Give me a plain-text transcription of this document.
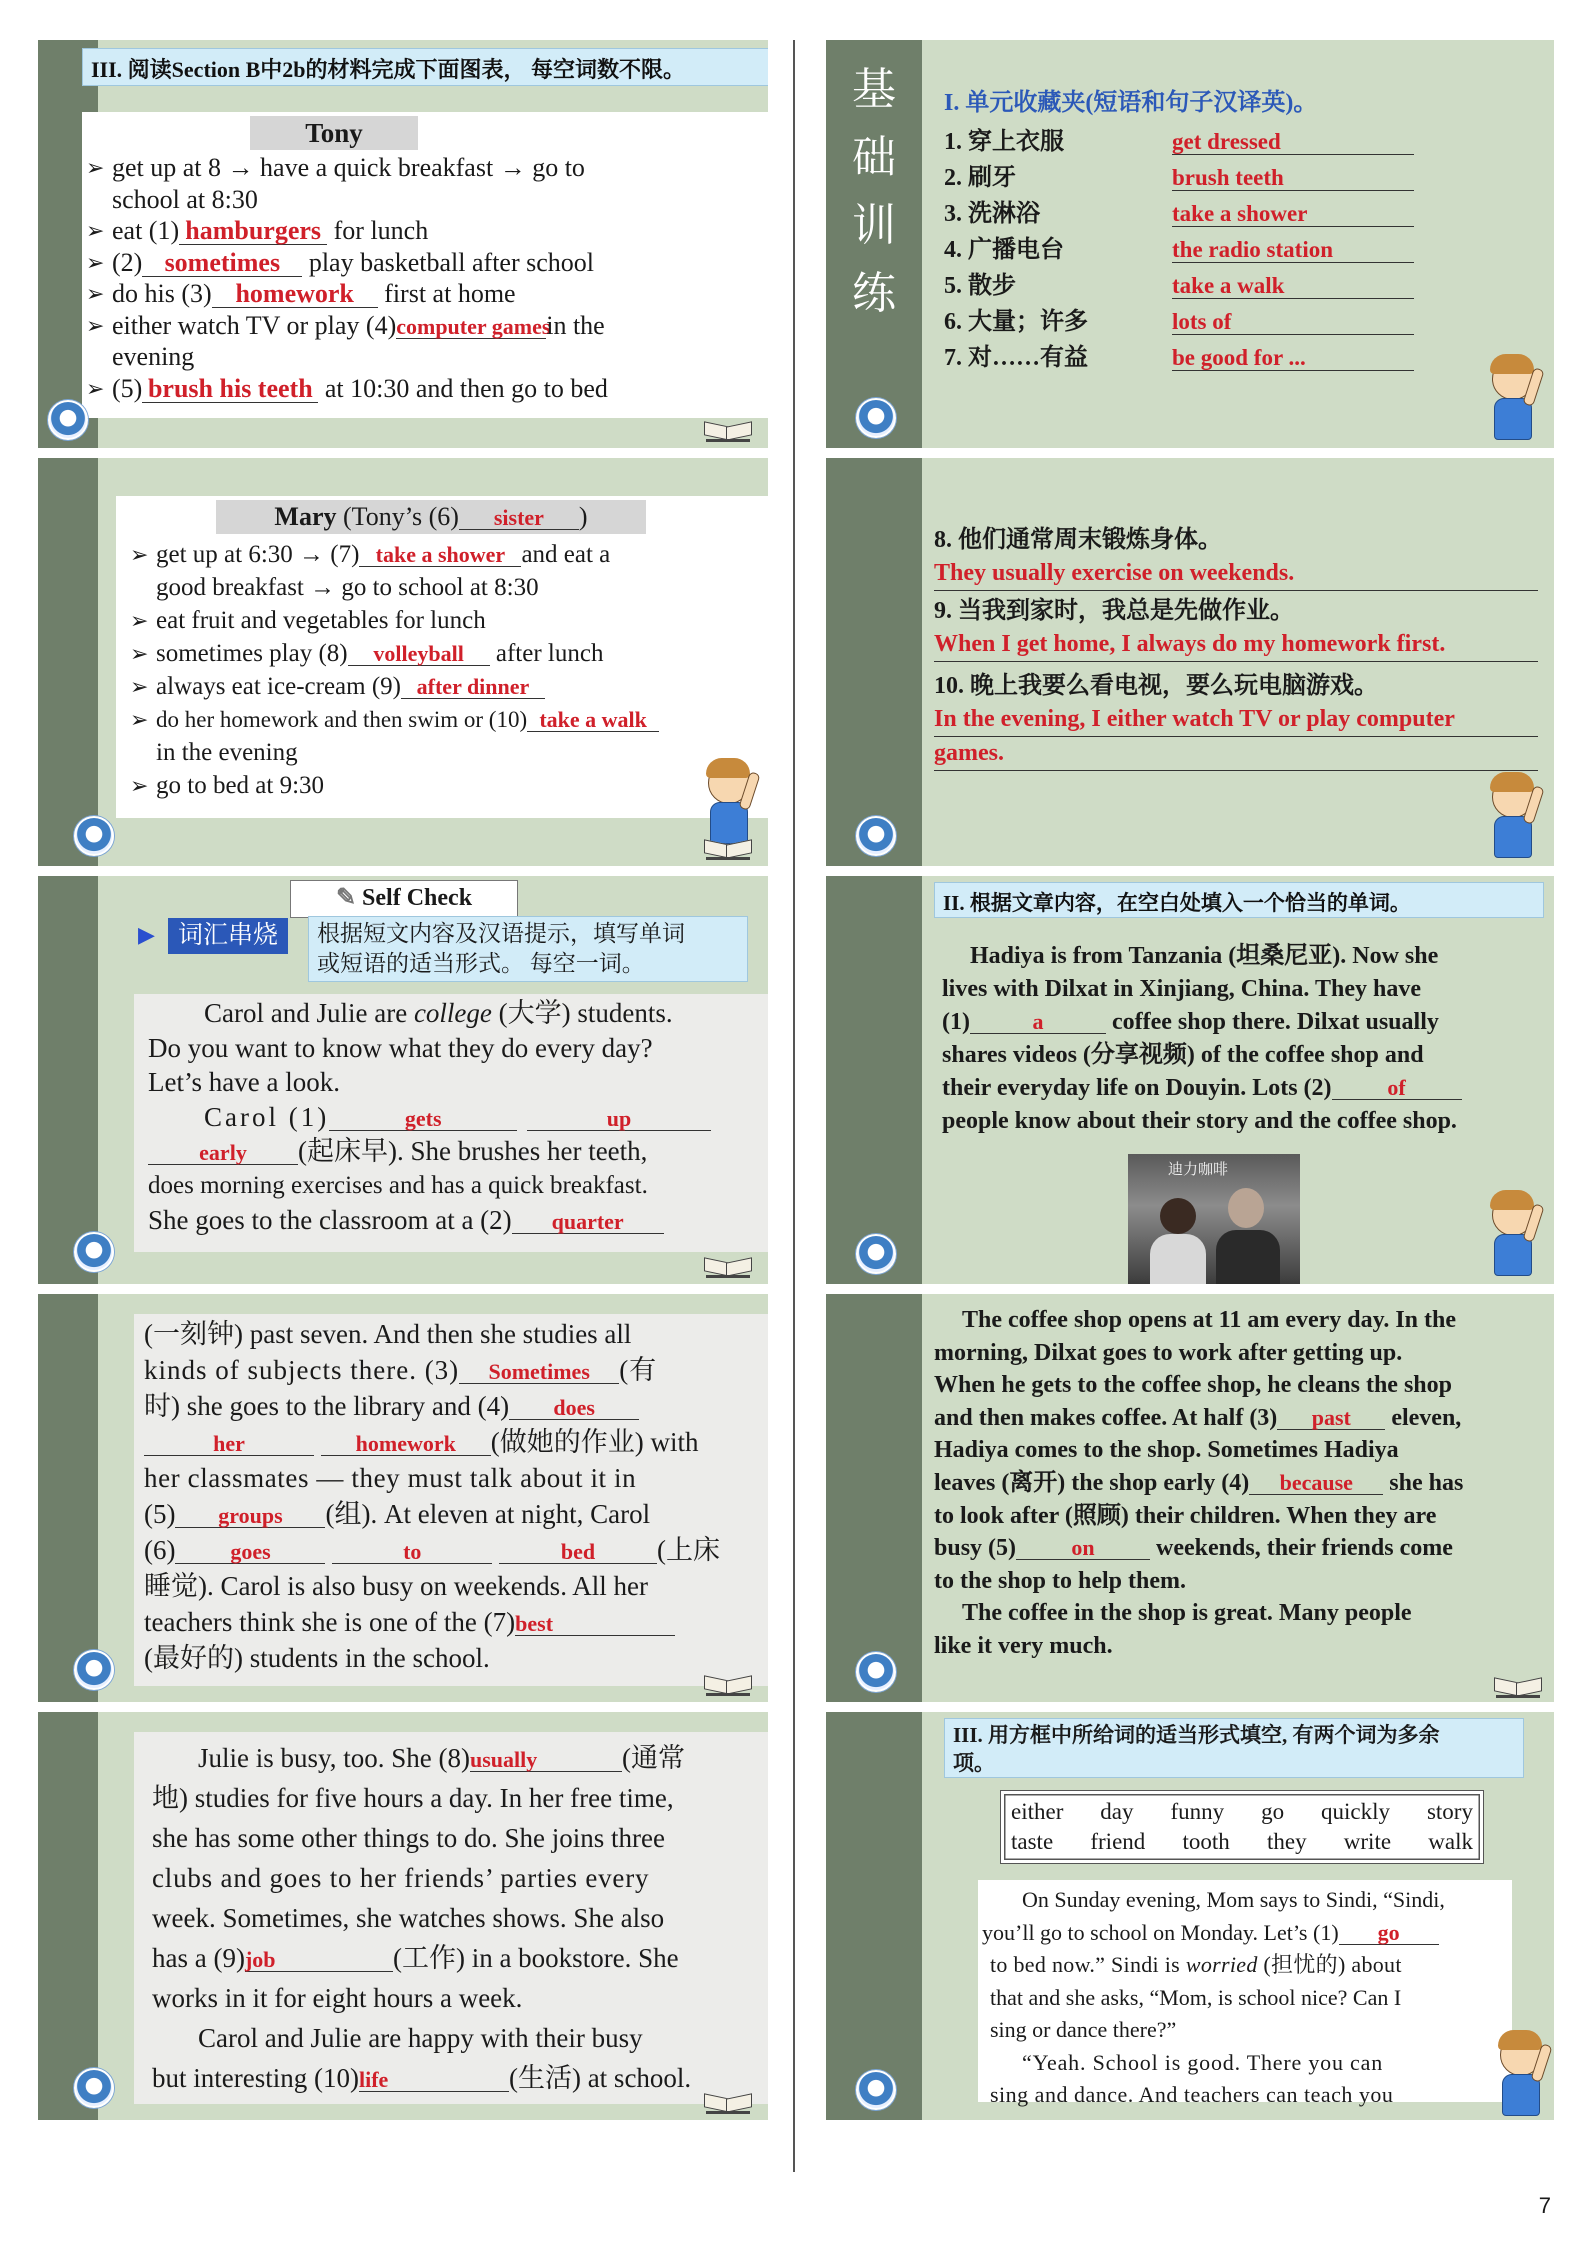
III. 阅读Section B中2b的材料完成下面图表， 每空词数不限。
Tony
➢ get up at 8 → have a quick breakfast → go to
school at 8:30
➢ eat (1) hamburgers for lunch
➢ (2) sometimes play basketball after school
➢ do his (3) homework first at home
➢ either watch TV or play (4)computer gamesin the
evening
➢ (5) brush his teeth at 10:30 and then go to bed
Mary (Tony’s (6) sister )
➢ get up at 6:30 → (7) take a shower and eat a
good breakfast → go to school at 8:30
➢ eat fruit and vegetables for lunch
➢ sometimes play (8) volleyball after lunch
➢ always eat ice-cream (9) after dinner
➢ do her homework and then swim or (10) take a walk
in the evening
➢ go to bed at 9:30
✎ Self Check
▶ 词汇串烧	根据短文内容及汉语提示，填写单词
或短语的适当形式。 每空一词。
Carol and Julie are college (大学) students.
Do you want to know what they do every day?
Let’s have a look.
Carol (1)	gets	up
early (起床早). She brushes her teeth,
does morning exercises and has a quick breakfast.
She goes to the classroom at a (2) quarter
(一刻钟) past seven. And then she studies all
kinds of subjects there. (3) Sometimes (有
时) she goes to the library and (4) does
her	homework (做她的作业) with
her classmates — they must talk about it in
(5) groups (组). At eleven at night, Carol
(6) goes	to	bed (上床
睡觉). Carol is also busy on weekends. All her
teachers think she is one of the (7)best
(最好的) students in the school.
Julie is busy, too. She (8)usually	(通常
地) studies for five hours a day. In her free time,
she has some other things to do. She joins three
clubs and goes to her friends’ parties every
week. Sometimes, she watches shows. She also
has a (9)job	(工作) in a bookstore. She
works in it for eight hours a week.
Carol and Julie are happy with their busy
but interesting (10)life	(生活) at school.
基
础
训
练
I. 单元收藏夹(短语和句子汉译英)。
1. 穿上衣服	get dressed
2. 刷牙	brush teeth
3. 洗淋浴	take a shower
4. 广播电台	the radio station
5. 散步	take a walk
6. 大量；许多	lots of
7. 对……有益	be good for ...
8. 他们通常周末锻炼身体。
They usually exercise on weekends.
9. 当我到家时，我总是先做作业。
When I get home, I always do my homework first.
10. 晚上我要么看电视，要么玩电脑游戏。
In the evening, I either watch TV or play computer
games.
II. 根据文章内容，在空白处填入一个恰当的单词。
Hadiya is from Tanzania (坦桑尼亚). Now she
lives with Dilxat in Xinjiang, China. They have
(1)	a	coffee shop there. Dilxat usually
shares videos (分享视频) of the coffee shop and
their everyday life on Douyin. Lots (2)	of
people know about their story and the coffee shop.
迪力咖啡
The coffee shop opens at 11 am every day. In the
morning, Dilxat goes to work after getting up.
When he gets to the coffee shop, he cleans the shop
and then makes coffee. At half (3) past eleven,
Hadiya comes to the shop. Sometimes Hadiya
leaves (离开) the shop early (4) because she has
to look after (照顾) their children. When they are
busy (5)	on weekends, their friends come
to the shop to help them.
The coffee in the shop is great. Many people
like it very much.
III. 用方框中所给词的适当形式填空, 有两个词为多余
项。
either day funny go quickly story
taste friend tooth they write walk
On Sunday evening, Mom says to Sindi, “Sindi,
you’ll go to school on Monday. Let’s (1) go
to bed now.” Sindi is worried (担忧的) about
that and she asks, “Mom, is school nice? Can I
sing or dance there?”
“Yeah. School is good. There you can
sing and dance. And teachers can teach you
7
